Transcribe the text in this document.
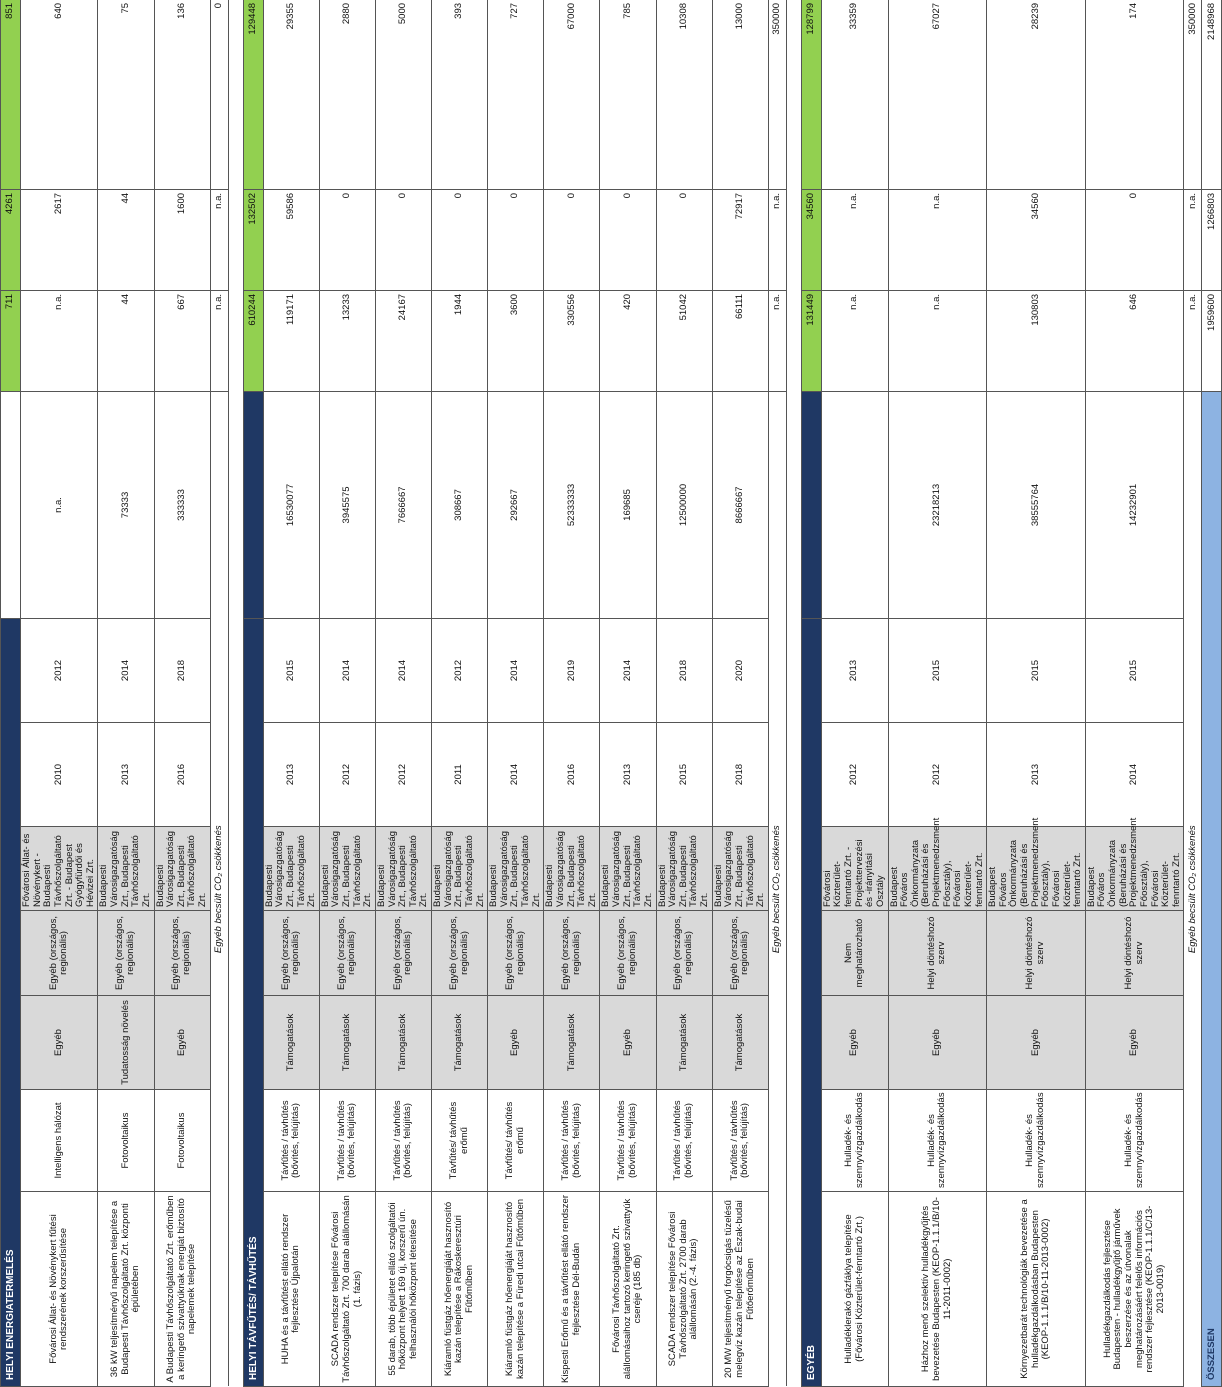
HELYI ENERGIATERMELÉS								711	4261	851
Fővárosi Állat- és Növénykert fűtési rendszerének korszerűsítése	Intelligens hálózat	Egyéb	Egyéb (országos, regionális)	Fővárosi Állat- és Növénykert - Budapesti Távhőszolgáltató Zrt. - Budapest Gyógyfürdői és Hévizei Zrt.	2010	2012	n.a.	n.a.	2617	640
36 kW teljesítményű napelem telepítése a Budapesti Távhőszolgáltató Zrt. központi épületében	Fotovoltaikus	Tudatosság növelés	Egyéb (országos, regionális)	Budapesti Városigazgatóság Zrt., Budapesti Távhőszolgáltató Zrt.	2013	2014	73333	44	44	75
A Budapesti Távhőszolgáltató Zrt. erőműben a keringető szivattyúknak energiát biztosító napelemek telepítése	Fotovoltaikus	Egyéb	Egyéb (országos, regionális)	Budapesti Városigazgatóság Zrt., Budapesti Távhőszolgáltató Zrt.	2016	2018	333333	667	1600	136
Egyéb becsült CO₂ csökkenés								n.a.	n.a.	0

HELYI TÁVFŰTÉS/ TÁVHŰTÉS								610244	132502	129448
HUHA és a távfűtést ellátó rendszer fejlesztése Újpalotán	Távfűtés / távhűtés (bővítés, felújítás)	Támogatások	Egyéb (országos, regionális)	Budapesti Városigazgatóság Zrt., Budapesti Távhőszolgáltató Zrt.	2013	2015	16530077	119171	59586	29355
SCADA rendszer telepítése Fővárosi Távhőszolgáltató Zrt. 700 darab alállomásán (1. fázis)	Távfűtés / távhűtés (bővítés, felújítás)	Támogatások	Egyéb (országos, regionális)	Budapesti Városigazgatóság Zrt., Budapesti Távhőszolgáltató Zrt.	2012	2014	3945575	13233	0	2880
55 darab, több épületet ellátó szolgáltatói hőközpont helyett 169 új, korszerű ún. felhasználói hőközpont létesítése	Távfűtés / távhűtés (bővítés, felújítás)	Támogatások	Egyéb (országos, regionális)	Budapesti Városigazgatóság Zrt., Budapesti Távhőszolgáltató Zrt.	2012	2014	7666667	24167	0	5000
Kiáramló füstgáz hőenergiáját hasznosító kazán telepítése a Rákoskeresztúri Fűtőműben	Távfűtés/ távhűtés erőmű	Támogatások	Egyéb (országos, regionális)	Budapesti Városigazgatóság Zrt., Budapesti Távhőszolgáltató Zrt.	2011	2012	308667	1944	0	393
Kiáramló füstgáz hőenergiáját hasznosító kazán telepítése a Füredi utcai Fűtőműben	Távfűtés/ távhűtés erőmű	Egyéb	Egyéb (országos, regionális)	Budapesti Városigazgatóság Zrt., Budapesti Távhőszolgáltató Zrt.	2014	2014	292667	3600	0	727
Kispesti Erőmű és a távfűtést ellátó rendszer fejlesztése Dél-Budán	Távfűtés / távhűtés (bővítés, felújítás)	Támogatások	Egyéb (országos, regionális)	Budapesti Városigazgatóság Zrt., Budapesti Távhőszolgáltató Zrt.	2016	2019	52333333	330556	0	67000
Fővárosi Távhőszolgáltató Zrt. alállomásaihoz tartozó keringető szivattyúk cseréje (185 db)	Távfűtés / távhűtés (bővítés, felújítás)	Egyéb	Egyéb (országos, regionális)	Budapesti Városigazgatóság Zrt., Budapesti Távhőszolgáltató Zrt.	2013	2014	169685	420	0	785
SCADA rendszer telepítése Fővárosi Távhőszolgáltató Zrt. 2700 darab alállomásán (2.-4. fázis)	Távfűtés / távhűtés (bővítés, felújítás)	Támogatások	Egyéb (országos, regionális)	Budapesti Városigazgatóság Zrt., Budapesti Távhőszolgáltató Zrt.	2015	2018	12500000	51042	0	10308
20 MW teljesítményű forgócsigás tüzelésű melegvíz kazán telepítése az Észak-budai Fűtőerőműben	Távfűtés / távhűtés (bővítés, felújítás)	Támogatások	Egyéb (országos, regionális)	Budapesti Városigazgatóság Zrt., Budapesti Távhőszolgáltató Zrt.	2018	2020	8666667	66111	72917	13000
Egyéb becsült CO₂ csökkenés								n.a.	n.a.	350000

EGYÉB								131449	34560	128799
Hulladéklerakó gázfáklya telepítése (Fővárosi Közterület-fenntartó Zrt.)	Hulladék- és szennyvízgazdálkodás	Egyéb	Nem meghatározható	Fővárosi Közterület-fenntartó Zrt. - Projekttervezési és -irányítási Osztály	2012	2013		n.a.	n.a.	33359
Házhoz menő szelektív hulladékgyűjtés bevezetése Budapesten (KEOP-1.1.1/B/10-11-2011-0002)	Hulladék- és szennyvízgazdálkodás	Egyéb	Helyi döntéshozó szerv	Budapest Főváros Önkormányzata (Beruházási és Projektmenedzsment Főosztály), Fővárosi Közterület-fenntartó Zrt.	2012	2015	23218213	n.a.	n.a.	67027
Környezetbarát technológiák bevezetése a hulladékgazdálkodásban Budapesten (KEOP-1.1.1/B/10-11-2013-0002)	Hulladék- és szennyvízgazdálkodás	Egyéb	Helyi döntéshozó szerv	Budapest Főváros Önkormányzata (Beruházási és Projektmenedzsment Főosztály), Fővárosi Közterület-fenntartó Zrt.	2013	2015	38555764	130803	34560	28239
Hulladékgazdálkodás fejlesztése Budapesten - hulladékgyűjtő járművek beszerzése és az útvonalak meghatározásáért felelős információs rendszer fejlesztése (KEOP-1.1.1/C/13-2013-0019)	Hulladék- és szennyvízgazdálkodás	Egyéb	Helyi döntéshozó szerv	Budapest Főváros Önkormányzata (Beruházási és Projektmenedzsment Főosztály), Fővárosi Közterület-fenntartó Zrt.	2014	2015	14232901	646	0	174
Egyéb becsült CO₂ csökkenés								n.a.	n.a.	350000
ÖSSZESEN								1959600	1266803	2148968
